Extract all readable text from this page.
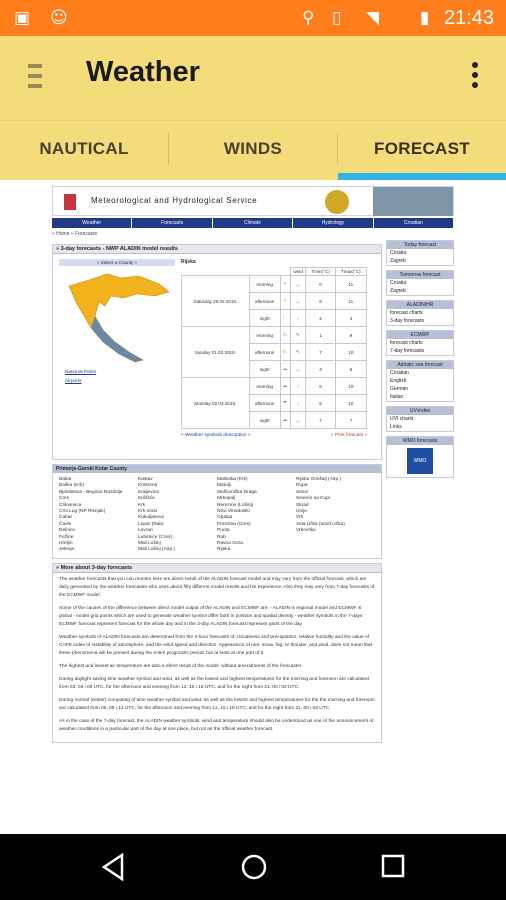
▣ ☺	⚲ ▯ ◥ ▮ 21:43
Weather
NAUTICAL	WINDS	FORECAST
Meteorological and Hydrological Service
Weather	Forecasts	Climate	Hydrology	Croatian
» Home » Forecasts
» 3-day forecasts - NWP ALADIN model results
« Select a County »
National Parks
Airports
Rijeka
			wind	Tmin(°C)	Tmax(°C)
Saturday 28.02.2015.	morning	☀	←	0	11
	afternoon	☀	←	6	11
	night	☾	↓	2	3
Sunday 01.03.2015.	morning	⛅	↖	1	9
	afternoon	⛅	↖	7	10
	night	☁	←	4	5
Monday 02.03.2015.	morning	☁	↑	6	10
	afternoon	☂	↑	8	10
	night	☁	←	7	7
« Weather symbols description »	» Print forecast »
Primorje-Gorski Kotar County
Bakar
Baška (Krk)
Bjelolasica - Begovo Razdolje
Cres
Crikvenica
Crni Lug (NP Risnjak)
Čabar
Čavle
Delnice
Fužine
Hreljin
Jelenje
Kastav
Kostrena
Kraljevica
Križišće
Krk
Krk most
Kukuljanovo
Lopar (Rab)
Lovran
Lubenice (Cres)
Mali Lošinj
Mali Lošinj (Airp.)
Malinska (Krk)
Matulji
Mošćenička Draga
Mrkopalj
Nerezine (Lošinj)
Novi Vinodolski
Opatija
Porozina (Cres)
Punta
Rab
Ravna Gora
Rijeka
Rijeka Omišalj (Airp.)
Rupa
Selce
Severin na Kupi
Skrad
Unije
Vrh
Vela Učka (tunel Učka)
Vrbovsko
» More about 3-day forecasts

The weather forecasts that you can monitor here are direct result of the ALADIN forecast model and may vary from the official forecast, which are daily generated by the weather forecaster who uses about fifty different model results and his experience. Also they may vary from 7-day forecasts of the ECMWF model.

Some of the causes of the difference between direct model output of the ALADIN and ECMWF are: - ALADIN is regional model and ECMWF is global - model grid points which are used to generate weather symbol differ both in position and spatial density - weather symbols in the 7-days ECMWF forecast represent forecast for the whole day and in the 3-day ALADIN forecast represent parts of the day

Weather symbols of ALADIN forecasts are determined from the 3-hour forecasts of: cloudiness and precipitation, relative humidity and the value of CAPE index of instability of atmosphere, and the wind speed and direction. Appearance of rain, snow, fog, or thunder, and wind, does not mean that these phenomena will be present during the entire prognostic period, but at least at one part of it

The highest and lowest air temperature are also a direct result of the model, without amendments of the forecaster.

During daylight saving time weather symbol and wind, as well as the lowest and highest temperatures for the morning and forenoon are calculated from 03, 06 i 09 UTC, for the afternoon and evening from 12, 15 i 18 UTC, and for the night from 21, 00 i 03 UTC.

During normal (winter) computing of time weather symbol and wind, as well as the lowest and highest temperatures for the the morning and forenoon are calculated from 06, 09 i 12 UTC, for the afternoon and evening from 12, 15 i 18 UTC, and for the night from 21, 00 i 03 UTC.

As in the case of the 7-day forecast, the ALADIN weather symbols, wind and temperature should also be understood as one of the announcement of weather conditions in a particular part of the day at one place, but not as the official weather forecast.

Today forecast
Croatia
Zagreb
Tomorrow forecast
Croatia
Zagreb
ALADIN/HR
forecast charts
3-day forecasts
ECMWF
forecast charts
7-day forecasts
Adriatic sea forecast
Croatian
English
German
Italian
UV-index
UVI charts
Links
WMO forecasts
WMO
